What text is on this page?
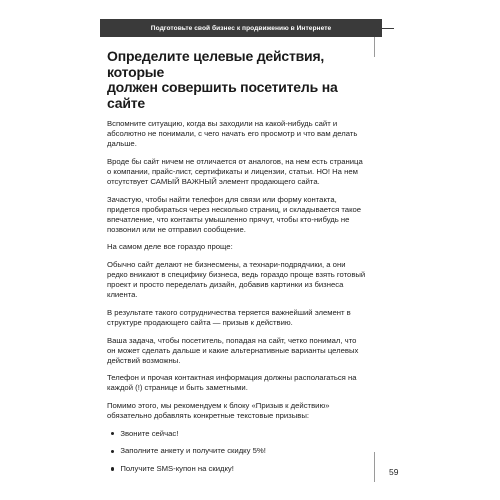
Подготовьте свой бизнес к продвижению в Интернете
Определите целевые действия, которые
должен совершить посетитель на сайте

Вспомните ситуацию, когда вы заходили на какой-нибудь сайт и абсолютно не понимали, с чего начать его просмотр и что вам делать дальше.

Вроде бы сайт ничем не отличается от аналогов, на нем есть страница о компании, прайс-лист, сертификаты и лицензии, статьи. НО! На нем отсутствует САМЫЙ ВАЖНЫЙ элемент продающего сайта.

Зачастую, чтобы найти телефон для связи или форму контакта, придется пробираться через несколько страниц, и складывается такое впечатление, что контакты умышленно прячут, чтобы кто-нибудь не позвонил или не отправил сообщение.

На самом деле все гораздо проще:

Обычно сайт делают не бизнесмены, а технари-подрядчики, а они редко вникают в специфику бизнеса, ведь гораздо проще взять готовый проект и просто переделать дизайн, добавив картинки из бизнеса клиента.

В результате такого сотрудничества теряется важнейший элемент в структуре продающего сайта — призыв к действию.

Ваша задача, чтобы посетитель, попадая на сайт, четко понимал, что он может сделать дальше и какие альтернативные варианты целевых действий возможны.

Телефон и прочая контактная информация должны располагаться на каждой (!) странице и быть заметными.

Помимо этого, мы рекомендуем к блоку «Призыв к действию» обязательно добавлять конкретные текстовые призывы:

Звоните сейчас!
Заполните анкету и получите скидку 5%!
Получите SMS-купон на скидку!	59
